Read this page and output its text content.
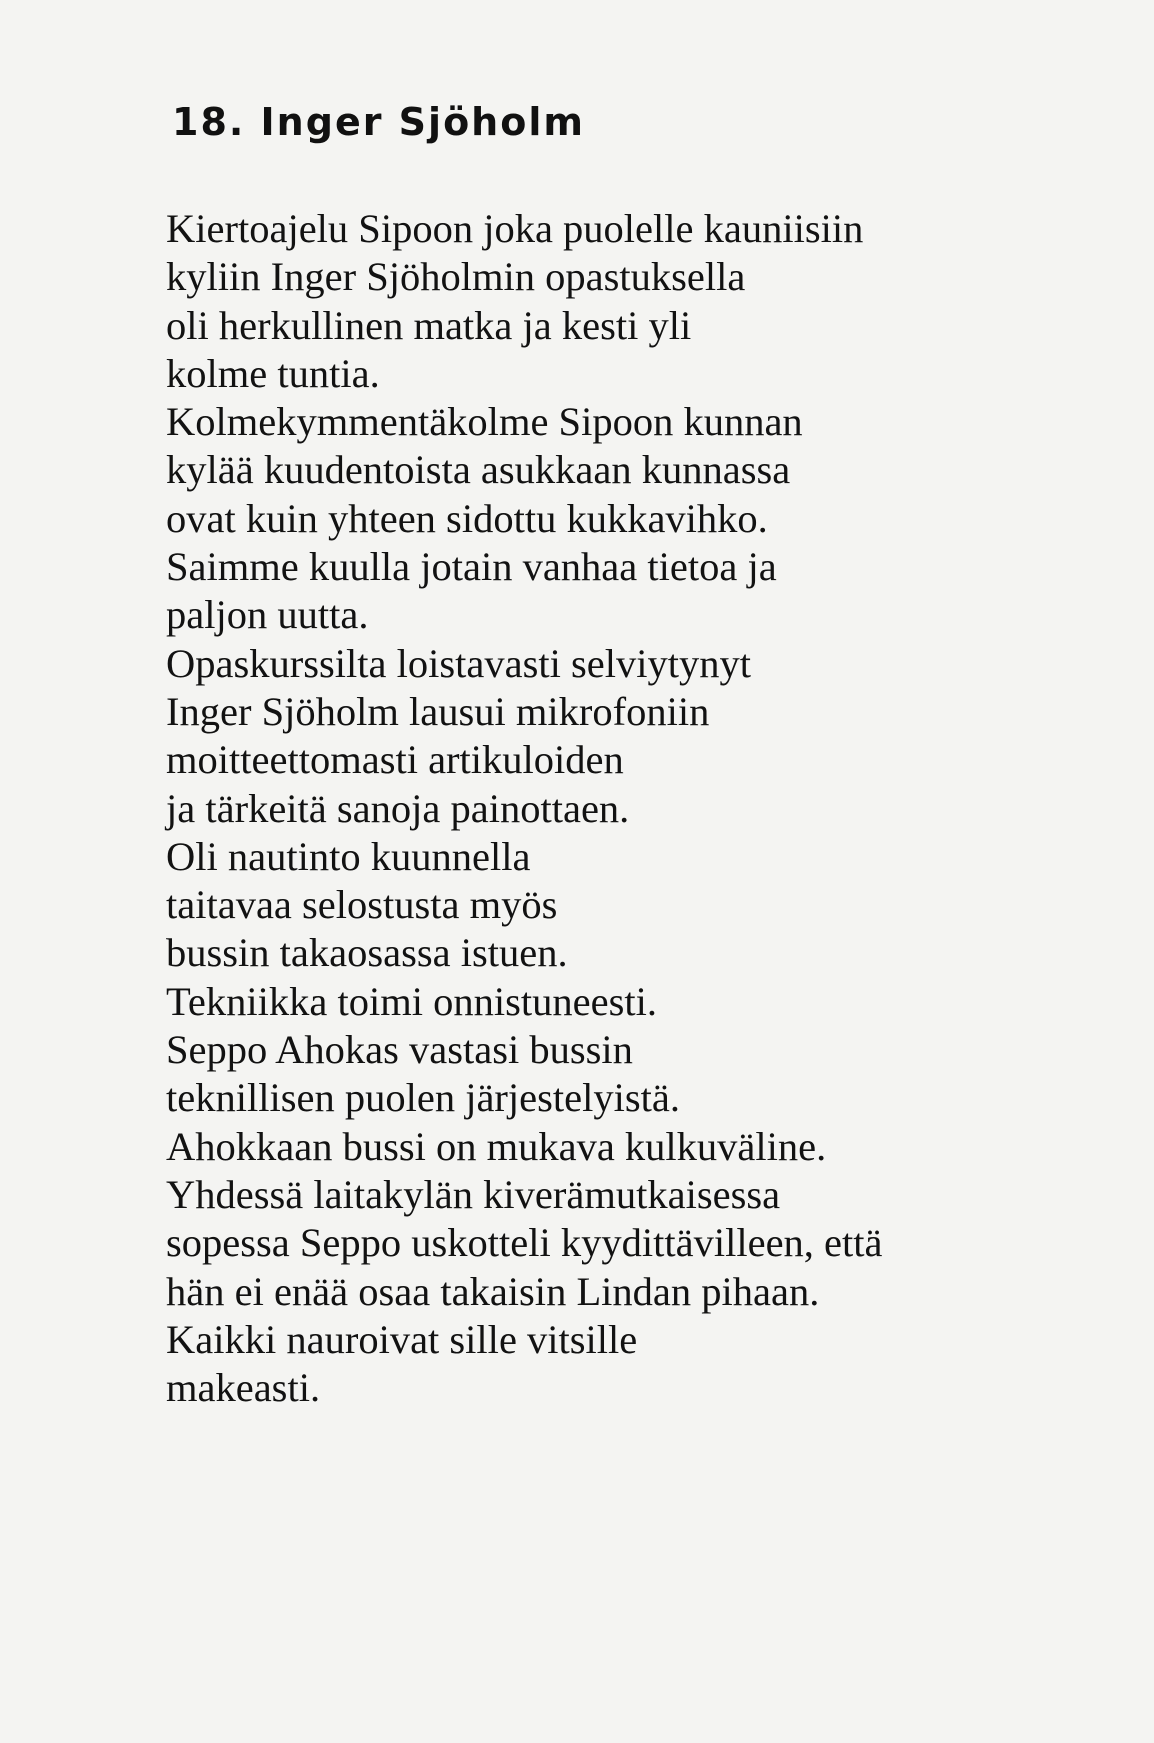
18. Inger Sjöholm
Kiertoajelu Sipoon joka puolelle kauniisiin
kyliin Inger Sjöholmin opastuksella
oli herkullinen matka ja kesti yli
kolme tuntia.
Kolmekymmentäkolme Sipoon kunnan
kylää kuudentoista asukkaan kunnassa
ovat kuin yhteen sidottu kukkavihko.
Saimme kuulla jotain vanhaa tietoa ja
paljon uutta.
Opaskurssilta loistavasti selviytynyt
Inger Sjöholm lausui mikrofoniin
moitteettomasti artikuloiden
ja tärkeitä sanoja painottaen.
Oli nautinto kuunnella
taitavaa selostusta myös
bussin takaosassa istuen.
Tekniikka toimi onnistuneesti.
Seppo Ahokas vastasi bussin
teknillisen puolen järjestelyistä.
Ahokkaan bussi on mukava kulkuväline.
Yhdessä laitakylän kiverämutkaisessa
sopessa Seppo uskotteli kyydittävilleen, että
hän ei enää osaa takaisin Lindan pihaan.
Kaikki nauroivat sille vitsille
makeasti.
